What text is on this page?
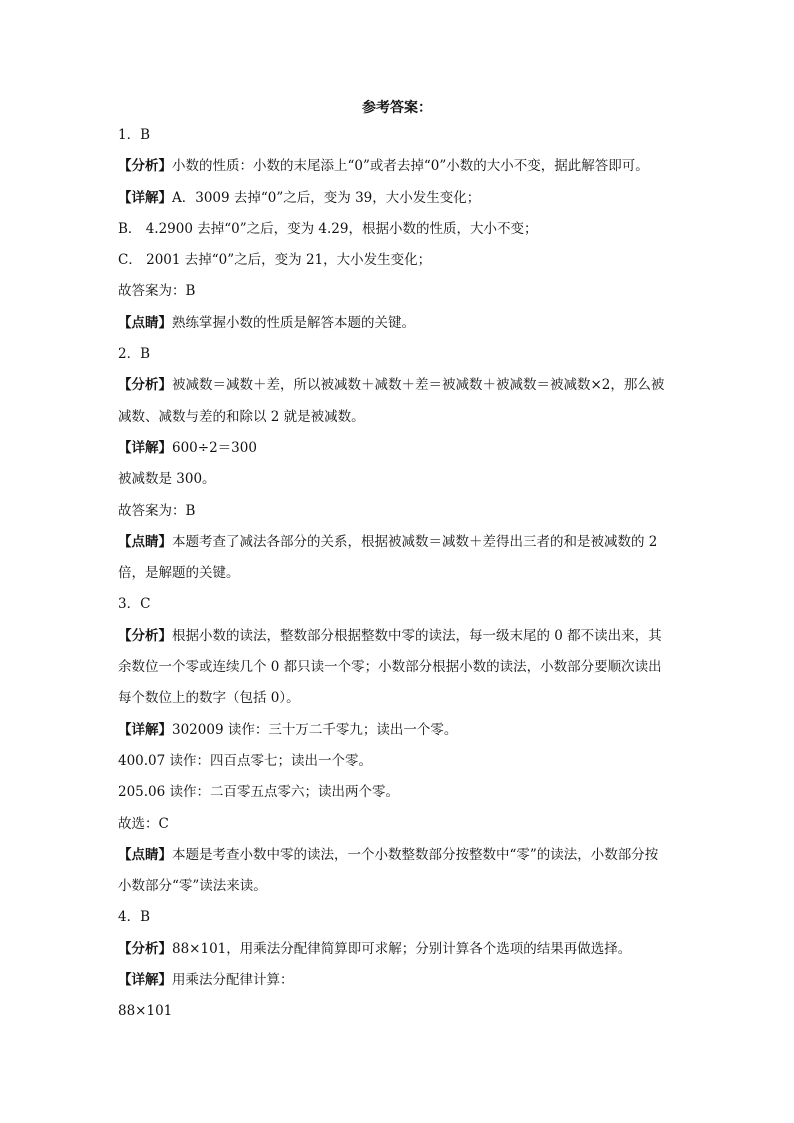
参考答案：
1．B
【分析】小数的性质：小数的末尾添上“0”或者去掉“0”小数的大小不变，据此解答即可。
【详解】A．3009 去掉“0”之后，变为 39，大小发生变化；
B． 4.2900 去掉“0”之后，变为 4.29，根据小数的性质，大小不变；
C． 2001 去掉“0”之后，变为 21，大小发生变化；
故答案为：B
【点睛】熟练掌握小数的性质是解答本题的关键。
2．B
【分析】被减数＝减数＋差，所以被减数＋减数＋差＝被减数＋被减数＝被减数×2，那么被
减数、减数与差的和除以 2 就是被减数。
【详解】600÷2＝300
被减数是 300。
故答案为：B
【点睛】本题考查了减法各部分的关系，根据被减数＝减数＋差得出三者的和是被减数的 2
倍，是解题的关键。
3．C
【分析】根据小数的读法，整数部分根据整数中零的读法，每一级末尾的 0 都不读出来，其
余数位一个零或连续几个 0 都只读一个零；小数部分根据小数的读法，小数部分要顺次读出
每个数位上的数字（包括 0）。
【详解】302009 读作：三十万二千零九；读出一个零。
400.07 读作：四百点零七；读出一个零。
205.06 读作：二百零五点零六；读出两个零。
故选：C
【点睛】本题是考查小数中零的读法，一个小数整数部分按整数中“零”的读法，小数部分按
小数部分“零”读法来读。
4．B
【分析】88×101，用乘法分配律简算即可求解；分别计算各个选项的结果再做选择。
【详解】用乘法分配律计算：
88×101
